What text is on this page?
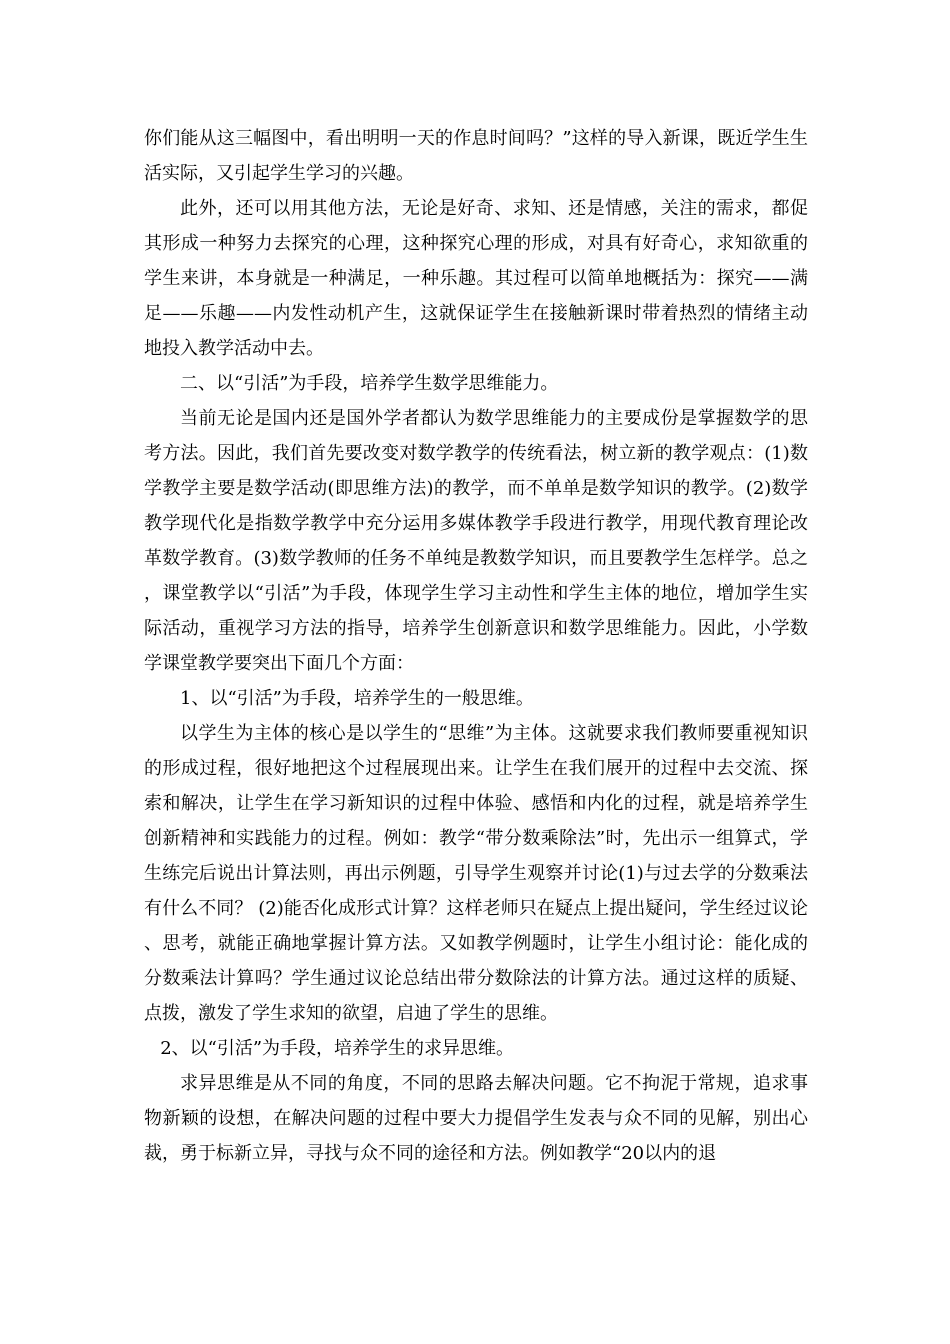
你们能从这三幅图中，看出明明一天的作息时间吗？”这样的导入新课，既近学生生活实际，又引起学生学习的兴趣。

此外，还可以用其他方法，无论是好奇、求知、还是情感，关注的需求，都促其形成一种努力去探究的心理，这种探究心理的形成，对具有好奇心，求知欲重的学生来讲，本身就是一种满足，一种乐趣。其过程可以简单地概括为：探究——满足——乐趣——内发性动机产生，这就保证学生在接触新课时带着热烈的情绪主动地投入教学活动中去。

二、以“引活”为手段，培养学生数学思维能力。

当前无论是国内还是国外学者都认为数学思维能力的主要成份是掌握数学的思考方法。因此，我们首先要改变对数学教学的传统看法，树立新的教学观点：(1)数学教学主要是数学活动(即思维方法)的教学，而不单单是数学知识的教学。(2)数学教学现代化是指数学教学中充分运用多媒体教学手段进行教学，用现代教育理论改革数学教育。(3)数学教师的任务不单纯是教数学知识，而且要教学生怎样学。总之，课堂教学以“引活”为手段，体现学生学习主动性和学生主体的地位，增加学生实际活动，重视学习方法的指导，培养学生创新意识和数学思维能力。因此，小学数学课堂教学要突出下面几个方面：

1、以“引活”为手段，培养学生的一般思维。

以学生为主体的核心是以学生的“思维”为主体。这就要求我们教师要重视知识的形成过程，很好地把这个过程展现出来。让学生在我们展开的过程中去交流、探索和解决，让学生在学习新知识的过程中体验、感悟和内化的过程，就是培养学生创新精神和实践能力的过程。例如：教学“带分数乘除法”时，先出示一组算式，学生练完后说出计算法则，再出示例题，引导学生观察并讨论(1)与过去学的分数乘法有什么不同？ (2)能否化成形式计算？这样老师只在疑点上提出疑问，学生经过议论、思考，就能正确地掌握计算方法。又如教学例题时，让学生小组讨论：能化成的分数乘法计算吗？学生通过议论总结出带分数除法的计算方法。通过这样的质疑、点拨，激发了学生求知的欲望，启迪了学生的思维。

2、以“引活”为手段，培养学生的求异思维。

求异思维是从不同的角度，不同的思路去解决问题。它不拘泥于常规，追求事物新颖的设想，在解决问题的过程中要大力提倡学生发表与众不同的见解，别出心裁，勇于标新立异，寻找与众不同的途径和方法。例如教学“20以内的退
